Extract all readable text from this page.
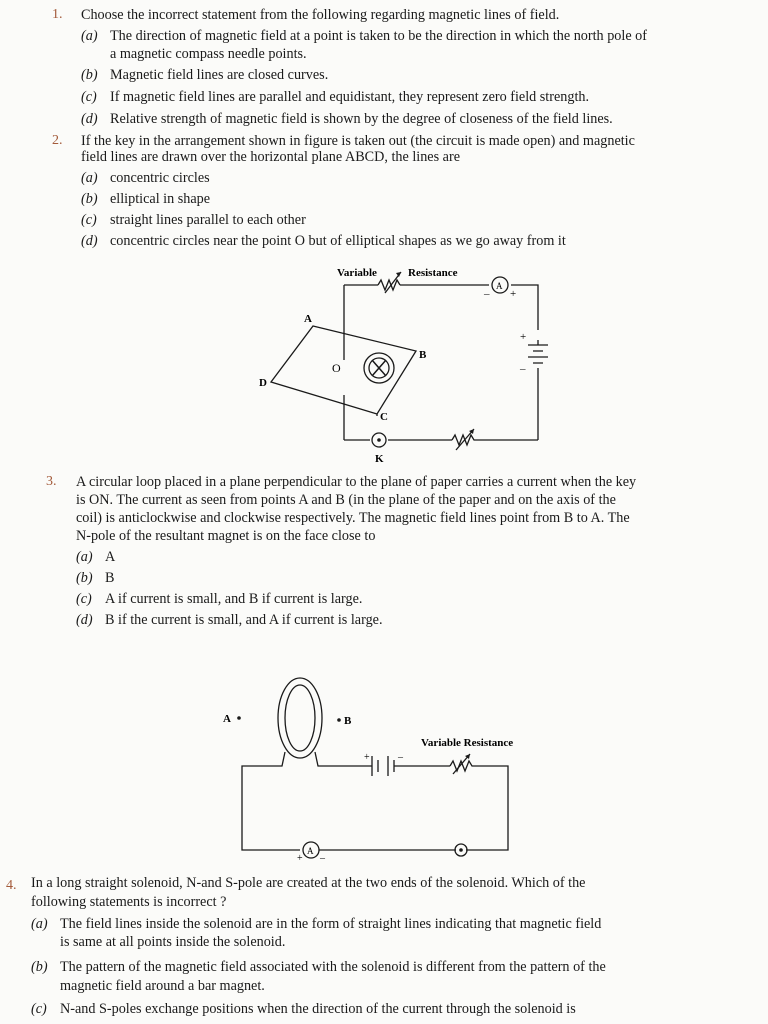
1. Choose the incorrect statement from the following regarding magnetic lines of field.
(a) The direction of magnetic field at a point is taken to be the direction in which the north pole of
a magnetic compass needle points.
(b) Magnetic field lines are closed curves.
(c) If magnetic field lines are parallel and equidistant, they represent zero field strength.
(d) Relative strength of magnetic field is shown by the degree of closeness of the field lines.
2. If the key in the arrangement shown in figure is taken out (the circuit is made open) and magnetic
field lines are drawn over the horizontal plane ABCD, the lines are
(a) concentric circles
(b) elliptical in shape
(c) straight lines parallel to each other
(d) concentric circles near the point O but of elliptical shapes as we go away from it
Variable	Resistance
A
– +
+
–
A
B
C
D
O
K
3. A circular loop placed in a plane perpendicular to the plane of paper carries a current when the key
is ON. The current as seen from points A and B (in the plane of the paper and on the axis of the
coil) is anticlockwise and clockwise respectively. The magnetic field lines point from B to A. The
N-pole of the resultant magnet is on the face close to
(a) A
(b) B
(c) A if current is small, and B if current is large.
(d) B if the current is small, and A if current is large.
A	B
Variable Resistance
+	–
A
+ –
4. In a long straight solenoid, N-and S-pole are created at the two ends of the solenoid. Which of the
following statements is incorrect ?
(a) The field lines inside the solenoid are in the form of straight lines indicating that magnetic field
is same at all points inside the solenoid.
(b) The pattern of the magnetic field associated with the solenoid is different from the pattern of the
magnetic field around a bar magnet.
(c) N-and S-poles exchange positions when the direction of the current through the solenoid is
